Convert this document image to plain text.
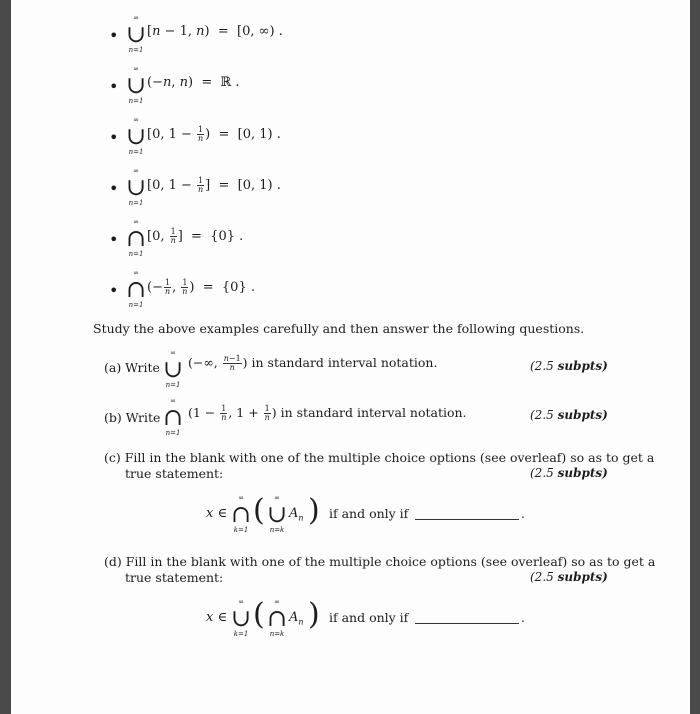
•
∞
∪
n=1
[n − 1, n)  =  [0, ∞) .
•
∞
∪
n=1
(−n, n)  =  ℝ .
•
∞
∪
n=1
[0, $1 - \frac{1}{n}$ )  =  [0, 1) .
•
∞
∪
n=1
[0, $1 - \frac{1}{n}$ ]  =  [0, 1) .
•
∞
∩
n=1
[0, $\frac{1}{n}$ ]  =  {0} .
•
∞
∩
n=1
(− $\frac{1}{n}$ , $\frac{1}{n}$ )  =  {0} .
Study the above examples carefully and then answer the following questions.
(a) Write
∞
∪
n=1
(−∞, $\frac{n-1}{n}$ ) in standard interval notation.	(2.5 subpts)
(b) Write
∞
∩
n=1
($1 - \frac{1}{n}$ , $1 + \frac{1}{n}$ ) in standard interval notation.	(2.5 subpts)
(c) Fill in the blank with one of the multiple choice options (see overleaf) so as to get a
true statement:	(2.5 subpts)
x ∈
∞
∩
k=1
( ∞
∪
n=k
$A_n$ ) if and only if	.
(d) Fill in the blank with one of the multiple choice options (see overleaf) so as to get a
true statement:	(2.5 subpts)
x ∈
∞
∪
k=1
( ∞
∩
n=k
$A_n$ ) if and only if	.
